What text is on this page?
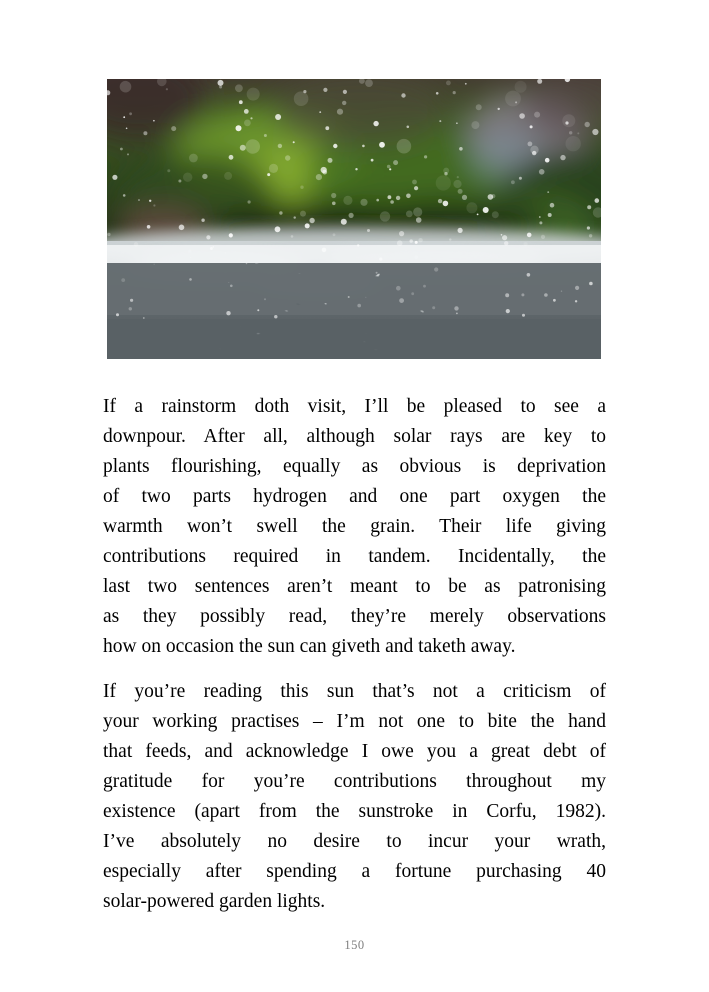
If a rainstorm doth visit, I’ll be pleased to see a
downpour. After all, although solar rays are key to
plants flourishing, equally as obvious is deprivation
of two parts hydrogen and one part oxygen the
warmth won’t swell the grain. Their life giving
contributions required in tandem. Incidentally, the
last two sentences aren’t meant to be as patronising
as they possibly read, they’re merely observations
how on occasion the sun can giveth and taketh away.

If you’re reading this sun that’s not a criticism of
your working practises – I’m not one to bite the hand
that feeds, and acknowledge I owe you a great debt of
gratitude for you’re contributions throughout my
existence (apart from the sunstroke in Corfu, 1982).
I’ve absolutely no desire to incur your wrath,
especially after spending a fortune purchasing 40
solar-powered garden lights.

150
